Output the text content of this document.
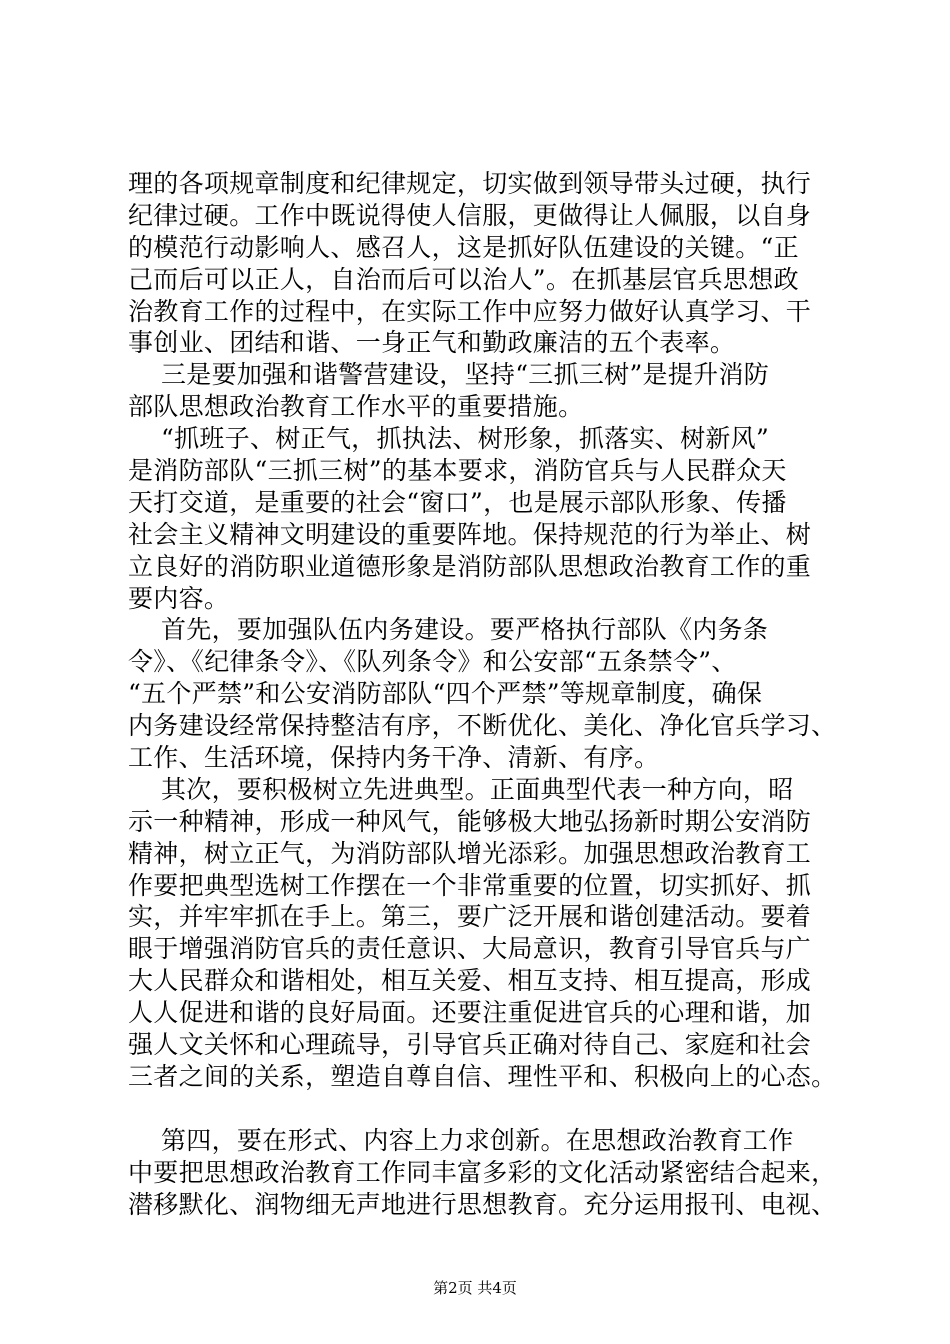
理的各项规章制度和纪律规定，切实做到领导带头过硬，执行
纪律过硬。工作中既说得使人信服，更做得让人佩服，以自身
的模范行动影响人、感召人，这是抓好队伍建设的关键。“正
己而后可以正人，自治而后可以治人”。在抓基层官兵思想政
治教育工作的过程中，在实际工作中应努力做好认真学习、干
事创业、团结和谐、一身正气和勤政廉洁的五个表率。
三是要加强和谐警营建设，坚持“三抓三树”是提升消防
部队思想政治教育工作水平的重要措施。
“抓班子、树正气，抓执法、树形象，抓落实、树新风”
是消防部队“三抓三树”的基本要求，消防官兵与人民群众天
天打交道，是重要的社会“窗口”，也是展示部队形象、传播
社会主义精神文明建设的重要阵地。保持规范的行为举止、树
立良好的消防职业道德形象是消防部队思想政治教育工作的重
要内容。
首先，要加强队伍内务建设。要严格执行部队《内务条
令》、《纪律条令》、《队列条令》和公安部“五条禁令”、
“五个严禁”和公安消防部队“四个严禁”等规章制度，确保
内务建设经常保持整洁有序，不断优化、美化、净化官兵学习、
工作、生活环境，保持内务干净、清新、有序。
其次，要积极树立先进典型。正面典型代表一种方向，昭
示一种精神，形成一种风气，能够极大地弘扬新时期公安消防
精神，树立正气，为消防部队增光添彩。加强思想政治教育工
作要把典型选树工作摆在一个非常重要的位置，切实抓好、抓
实，并牢牢抓在手上。第三，要广泛开展和谐创建活动。要着
眼于增强消防官兵的责任意识、大局意识，教育引导官兵与广
大人民群众和谐相处，相互关爱、相互支持、相互提高，形成
人人促进和谐的良好局面。还要注重促进官兵的心理和谐，加
强人文关怀和心理疏导，引导官兵正确对待自己、家庭和社会
三者之间的关系，塑造自尊自信、理性平和、积极向上的心态。
第四，要在形式、内容上力求创新。在思想政治教育工作
中要把思想政治教育工作同丰富多彩的文化活动紧密结合起来，
潜移默化、润物细无声地进行思想教育。充分运用报刊、电视、
第2页 共4页
